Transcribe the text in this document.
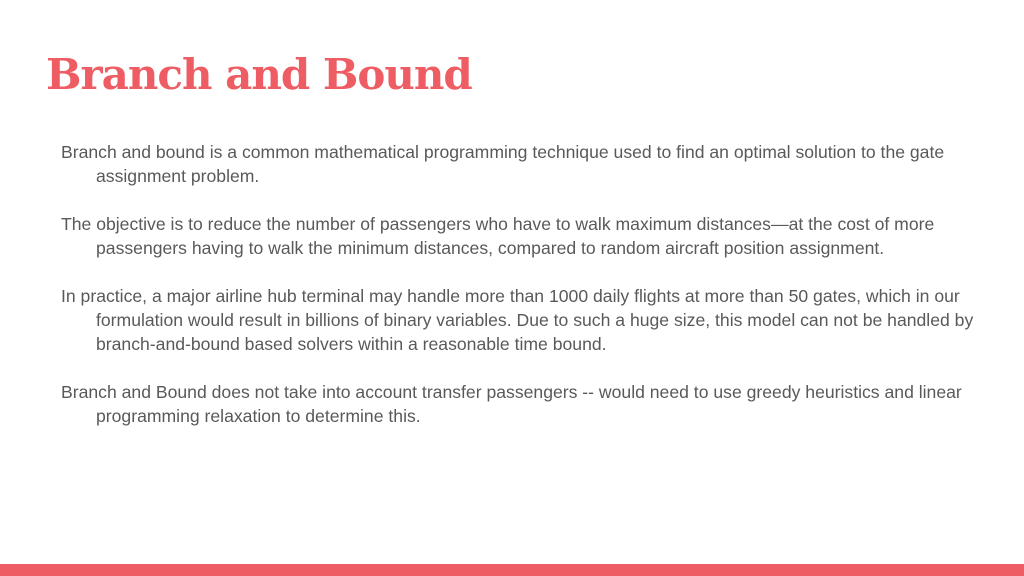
Branch and Bound

Branch and bound is a common mathematical programming technique used to find an optimal solution to the gate assignment problem.

The objective is to reduce the number of passengers who have to walk maximum distances—at the cost of more passengers having to walk the minimum distances, compared to random aircraft position assignment.

In practice, a major airline hub terminal may handle more than 1000 daily flights at more than 50 gates, which in our formulation would result in billions of binary variables. Due to such a huge size, this model can not be handled by branch-and-bound based solvers within a reasonable time bound.

Branch and Bound does not take into account transfer passengers -- would need to use greedy heuristics and linear programming relaxation to determine this.
